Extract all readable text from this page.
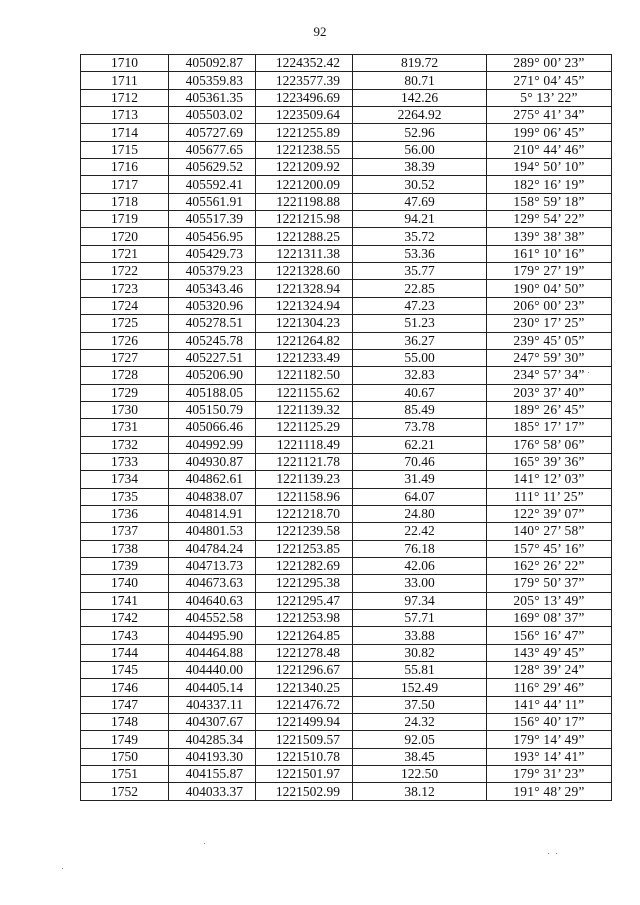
92
1710	405092.87	1224352.42	819.72	289° 00’ 23”
1711	405359.83	1223577.39	80.71	271° 04’ 45”
1712	405361.35	1223496.69	142.26	5° 13’ 22”
1713	405503.02	1223509.64	2264.92	275° 41’ 34”
1714	405727.69	1221255.89	52.96	199° 06’ 45”
1715	405677.65	1221238.55	56.00	210° 44’ 46”
1716	405629.52	1221209.92	38.39	194° 50’ 10”
1717	405592.41	1221200.09	30.52	182° 16’ 19”
1718	405561.91	1221198.88	47.69	158° 59’ 18”
1719	405517.39	1221215.98	94.21	129° 54’ 22”
1720	405456.95	1221288.25	35.72	139° 38’ 38”
1721	405429.73	1221311.38	53.36	161° 10’ 16”
1722	405379.23	1221328.60	35.77	179° 27’ 19”
1723	405343.46	1221328.94	22.85	190° 04’ 50”
1724	405320.96	1221324.94	47.23	206° 00’ 23”
1725	405278.51	1221304.23	51.23	230° 17’ 25”
1726	405245.78	1221264.82	36.27	239° 45’ 05”
1727	405227.51	1221233.49	55.00	247° 59’ 30”
1728	405206.90	1221182.50	32.83	234° 57’ 34”
1729	405188.05	1221155.62	40.67	203° 37’ 40”
1730	405150.79	1221139.32	85.49	189° 26’ 45”
1731	405066.46	1221125.29	73.78	185° 17’ 17”
1732	404992.99	1221118.49	62.21	176° 58’ 06”
1733	404930.87	1221121.78	70.46	165° 39’ 36”
1734	404862.61	1221139.23	31.49	141° 12’ 03”
1735	404838.07	1221158.96	64.07	111° 11’ 25”
1736	404814.91	1221218.70	24.80	122° 39’ 07”
1737	404801.53	1221239.58	22.42	140° 27’ 58”
1738	404784.24	1221253.85	76.18	157° 45’ 16”
1739	404713.73	1221282.69	42.06	162° 26’ 22”
1740	404673.63	1221295.38	33.00	179° 50’ 37”
1741	404640.63	1221295.47	97.34	205° 13’ 49”
1742	404552.58	1221253.98	57.71	169° 08’ 37”
1743	404495.90	1221264.85	33.88	156° 16’ 47”
1744	404464.88	1221278.48	30.82	143° 49’ 45”
1745	404440.00	1221296.67	55.81	128° 39’ 24”
1746	404405.14	1221340.25	152.49	116° 29’ 46”
1747	404337.11	1221476.72	37.50	141° 44’ 11”
1748	404307.67	1221499.94	24.32	156° 40’ 17”
1749	404285.34	1221509.57	92.05	179° 14’ 49”
1750	404193.30	1221510.78	38.45	193° 14’ 41”
1751	404155.87	1221501.97	122.50	179° 31’ 23”
1752	404033.37	1221502.99	38.12	191° 48’ 29”
